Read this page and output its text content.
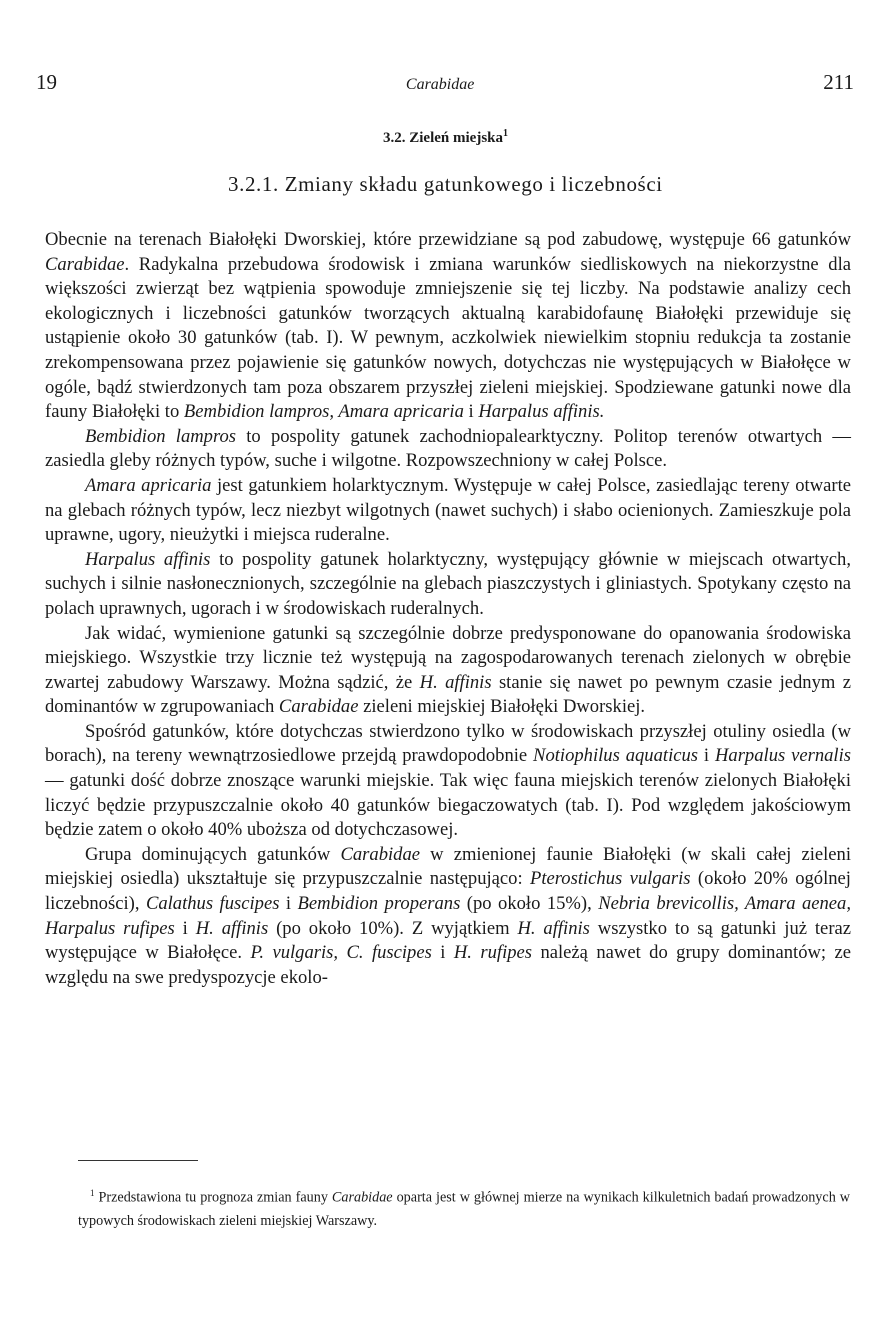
19	Carabidae	211
3.2. Zieleń miejska$^1$
3.2.1. Zmiany składu gatunkowego i liczebności

Obecnie na terenach Białołęki Dworskiej, które przewidziane są pod zabudowę, występuje 66 gatunków Carabidae. Radykalna przebudowa środowisk i zmiana warunków siedliskowych na niekorzystne dla większości zwierząt bez wątpienia spowoduje zmniejszenie się tej liczby. Na podstawie analizy cech ekologicznych i liczebności gatunków tworzących aktualną karabidofaunę Białołęki przewiduje się ustąpienie około 30 gatunków (tab. I). W pewnym, aczkolwiek niewielkim stopniu redukcja ta zostanie zrekompensowana przez pojawienie się gatunków nowych, dotychczas nie występujących w Białołęce w ogóle, bądź stwierdzonych tam poza obszarem przyszłej zieleni miejskiej. Spodziewane gatunki nowe dla fauny Białołęki to Bembidion lampros, Amara apricaria i Harpalus affinis.

Bembidion lampros to pospolity gatunek zachodniopalearktyczny. Politop terenów otwartych — zasiedla gleby różnych typów, suche i wilgotne. Rozpowszechniony w całej Polsce.

Amara apricaria jest gatunkiem holarktycznym. Występuje w całej Polsce, zasiedlając tereny otwarte na glebach różnych typów, lecz niezbyt wilgotnych (nawet suchych) i słabo ocienionych. Zamieszkuje pola uprawne, ugory, nieużytki i miejsca ruderalne.

Harpalus affinis to pospolity gatunek holarktyczny, występujący głównie w miejscach otwartych, suchych i silnie nasłonecznionych, szczególnie na glebach piaszczystych i gliniastych. Spotykany często na polach uprawnych, ugorach i w środowiskach ruderalnych.

Jak widać, wymienione gatunki są szczególnie dobrze predysponowane do opanowania środowiska miejskiego. Wszystkie trzy licznie też występują na zagospodarowanych terenach zielonych w obrębie zwartej zabudowy Warszawy. Można sądzić, że H. affinis stanie się nawet po pewnym czasie jednym z dominantów w zgrupowaniach Carabidae zieleni miejskiej Białołęki Dworskiej.

Spośród gatunków, które dotychczas stwierdzono tylko w środowiskach przyszłej otuliny osiedla (w borach), na tereny wewnątrzosiedlowe przejdą prawdopodobnie Notiophilus aquaticus i Harpalus vernalis — gatunki dość dobrze znoszące warunki miejskie. Tak więc fauna miejskich terenów zielonych Białołęki liczyć będzie przypuszczalnie około 40 gatunków biegaczowatych (tab. I). Pod względem jakościowym będzie zatem o około 40% uboższa od dotychczasowej.

Grupa dominujących gatunków Carabidae w zmienionej faunie Białołęki (w skali całej zieleni miejskiej osiedla) ukształtuje się przypuszczalnie następująco: Pterostichus vulgaris (około 20% ogólnej liczebności), Calathus fuscipes i Bembidion properans (po około 15%), Nebria brevicollis, Amara aenea, Harpalus rufipes i H. affinis (po około 10%). Z wyjątkiem H. affinis wszystko to są gatunki już teraz występujące w Białołęce. P. vulgaris, C. fuscipes i H. rufipes należą nawet do grupy dominantów; ze względu na swe predyspozycje ekolo-

$^1$ Przedstawiona tu prognoza zmian fauny Carabidae oparta jest w głównej mierze na wynikach kilkuletnich badań prowadzonych w typowych środowiskach zieleni miejskiej Warszawy.
